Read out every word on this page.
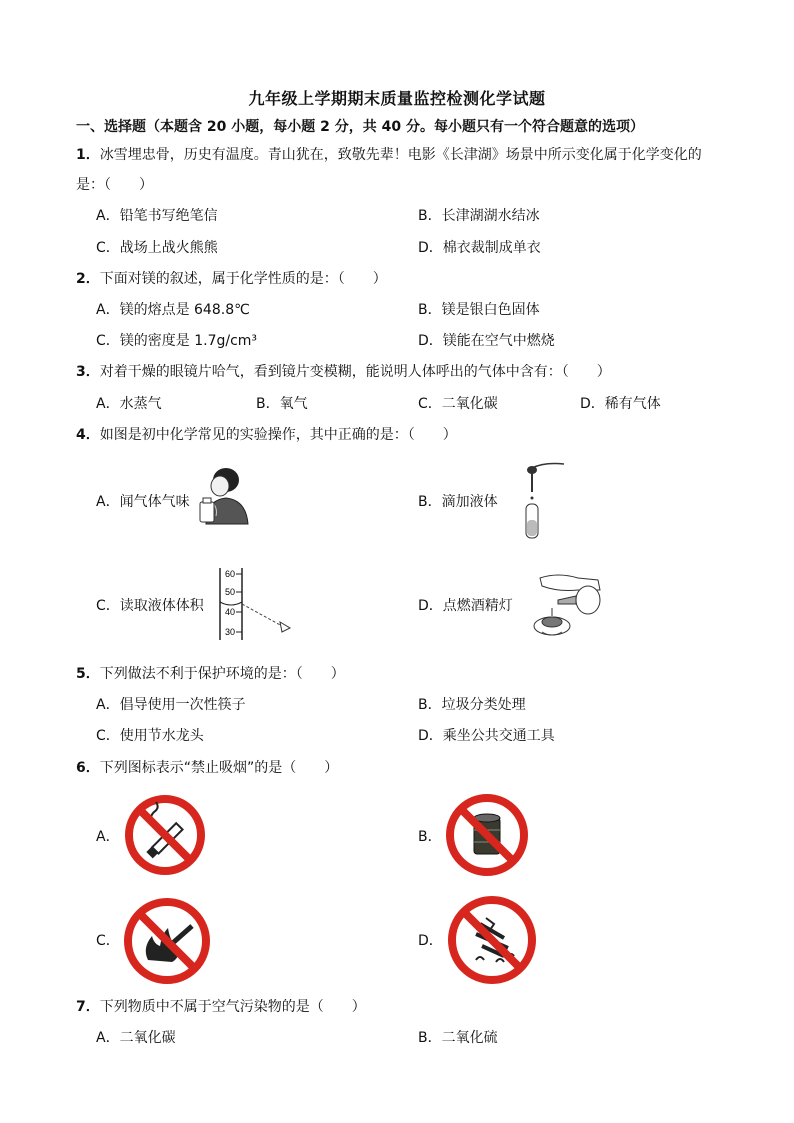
九年级上学期期末质量监控检测化学试题
一、选择题（本题含 20 小题，每小题 2 分，共 40 分。每小题只有一个符合题意的选项）
1．冰雪埋忠骨，历史有温度。青山犹在，致敬先辈！电影《长津湖》场景中所示变化属于化学变化的
是：（　　）
A．铅笔书写绝笔信	B．长津湖湖水结冰
C．战场上战火熊熊	D．棉衣裁制成单衣
2．下面对镁的叙述，属于化学性质的是：（　　）
A．镁的熔点是 648.8℃	B．镁是银白色固体
C．镁的密度是 1.7g/cm³	D．镁能在空气中燃烧
3．对着干燥的眼镜片哈气，看到镜片变模糊，能说明人体呼出的气体中含有：（　　）
A．水蒸气	B．氧气	C．二氧化碳	D．稀有气体
4．如图是初中化学常见的实验操作，其中正确的是：（　　）
A．闻气体气味	B．滴加液体
C．读取液体体积
60
50
40
30
D．点燃酒精灯
5．下列做法不利于保护环境的是：（　　）
A．倡导使用一次性筷子	B．垃圾分类处理
C．使用节水龙头	D．乘坐公共交通工具
6．下列图标表示“禁止吸烟”的是（　　）
A．	B．
C．	D．
7．下列物质中不属于空气污染物的是（　　）
A．二氧化碳	B．二氧化硫
